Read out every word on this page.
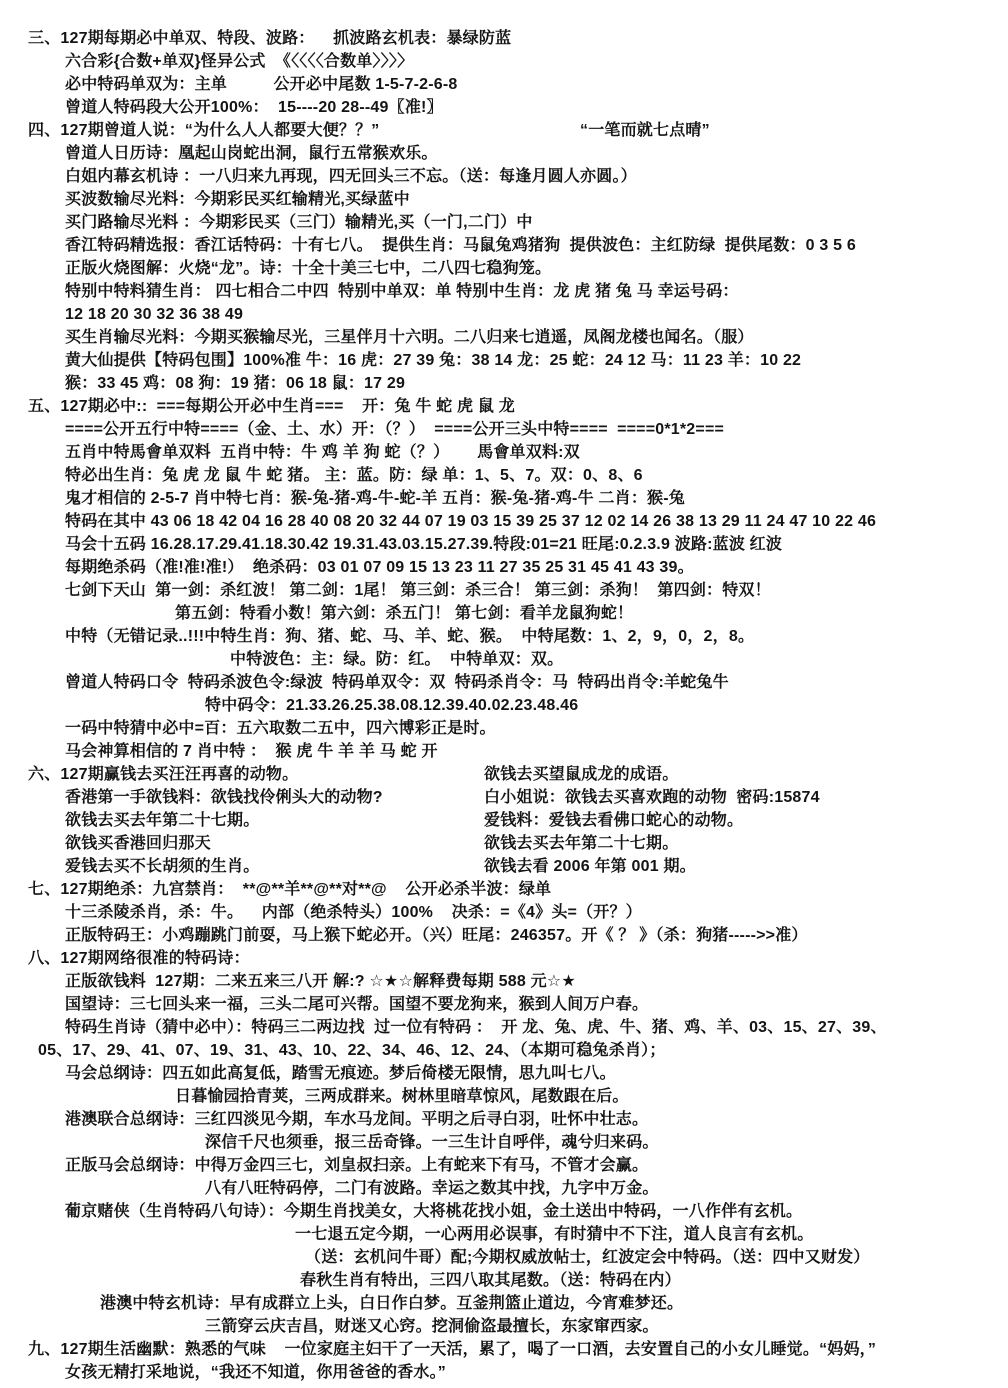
三、127期每期必中单双、特段、波路：    抓波路玄机表：暴绿防蓝
六合彩{合数+单双}怪异公式  《〈〈〈〈合数单〉〉〉〉
必中特码单双为：主单          公开必中尾数 1-5-7-2-6-8
曾道人特码段大公开100%：  15----20 28--49〖准!〗
四、127期曾道人说：“为什么人人都要大便？？”	“一笔而就七点晴”
曾道人日历诗：凰起山岗蛇出洞，鼠行五常猴欢乐。
白姐内幕玄机诗 ：一八归来九再现，四无回头三不忘。（送：每逢月圆人亦圆。）
买波数输尽光料：今期彩民买红输精光,买绿蓝中
买门路输尽光料 ：今期彩民买（三门）输精光,买（一门,二门）中
香江特码精选报：香江话特码：十有七八。  提供生肖：马鼠兔鸡猪狗  提供波色：主红防绿  提供尾数：0 3 5 6
正版火烧图解：火烧“龙”。诗：十全十美三七中，二八四七稳狗笼。
特别中特料猜生肖： 四七相合二中四  特别中单双：单 特别中生肖：龙 虎 猪 兔 马 幸运号码：
12 18 20 30 32 36 38 49
买生肖输尽光料：今期买猴输尽光，三星伴月十六明。二八归来七逍遥，凤阁龙楼也闻名。（服）
黄大仙提供【特码包围】100%准 牛：16 虎：27 39 兔：38 14 龙：25 蛇：24 12 马：11 23 羊：10 22
猴：33 45 鸡：08 狗：19 猪：06 18 鼠：17 29
五、127期必中::  ===每期公开必中生肖===    开：兔 牛 蛇 虎 鼠 龙
====公开五行中特====（金、土、水）开：（？）  ====公开三头中特====  ====0*1*2===
五肖中特馬會单双料  五肖中特：牛 鸡 羊 狗 蛇（？）      馬會单双料:双
特必出生肖：兔 虎 龙 鼠 牛 蛇 猪。 主：蓝。防：绿 单：1、5、7。双：0、8、6
鬼才相信的 2-5-7 肖中特七肖：猴-兔-猪-鸡-牛-蛇-羊 五肖：猴-兔-猪-鸡-牛 二肖：猴-兔
特码在其中 43 06 18 42 04 16 28 40 08 20 32 44 07 19 03 15 39 25 37 12 02 14 26 38 13 29 11 24 47 10 22 46
马会十五码 16.28.17.29.41.18.30.42 19.31.43.03.15.27.39.特段:01=21 旺尾:0.2.3.9 波路:蓝波 红波
每期绝杀码（准!准!准!）  绝杀码：03 01 07 09 15 13 23 11 27 35 25 31 45 41 43 39。
七剑下天山  第一剑：杀红波！ 第二剑：1尾！ 第三剑：杀三合！ 第三剑：杀狗！  第四剑：特双！
第五剑：特看小数！第六剑：杀五门！ 第七剑：看羊龙鼠狗蛇！
中特（无错记录..!!!中特生肖：狗、猪、蛇、马、羊、蛇、猴。  中特尾数：1、2，9，0，2，8。
中特波色：主：绿。防：红。  中特单双：双。
曾道人特码口令  特码杀波色令:绿波  特码单双令：双  特码杀肖令：马  特码出肖令:羊蛇兔牛
特中码令：21.33.26.25.38.08.12.39.40.02.23.48.46
一码中特猜中必中=百：五六取数二五中，四六博彩正是时。
马会神算相信的 7 肖中特 ：  猴 虎 牛 羊 羊 马 蛇 开
六、127期赢钱去买汪汪再喜的动物。	欲钱去买望鼠成龙的成语。
香港第一手欲钱料：欲钱找伶俐头大的动物?	白小姐说：欲钱去买喜欢跑的动物  密码:15874
欲钱去买去年第二十七期。	爱钱料：爱钱去看佛口蛇心的动物。
欲钱买香港回归那天	欲钱去买去年第二十七期。
爱钱去买不长胡须的生肖。	欲钱去看 2006 年第 001 期。
七、127期绝杀：九宫禁肖：  **@**羊**@**对**@    公开必杀半波：绿单
十三杀陵杀肖，杀：牛。    内部（绝杀特头）100%    决杀：=《4》头=（开？）
正版特码王：小鸡蹦跳门前耍，马上猴下蛇必开。（兴）旺尾：246357。开《 ？ 》（杀：狗猪----->>准）
八、127期网络很准的特码诗：
正版欲钱料  127期：二来五来三八开 解:? ☆★☆解释费每期 588 元☆★
国望诗：三七回头来一福，三头二尾可兴帮。国望不要龙狗来，猴到人间万户春。
特码生肖诗（猜中必中）：特码三二两边找  过一位有特码 ：  开 龙、兔、虎、牛、猪、鸡、羊、03、15、27、39、
05、17、29、41、07、19、31、43、10、22、34、46、12、24、（本期可稳兔杀肖）；
马会总纲诗：四五如此高复低，踏雪无痕迹。梦后倚楼无限情，思九叫七八。
日暮愉园拾青荚，三两成群来。树林里暗草惊风，尾数跟在后。
港澳联合总纲诗：三红四淡见今期，车水马龙间。平明之后寻白羽，吐怀中壮志。
深信千尺也须垂，报三岳奇锋。一三生计自呼伴，魂兮归来码。
正版马会总纲诗：中得万金四三七，刘皇叔扫亲。上有蛇来下有马，不管才会赢。
八有八旺特码停，二门有波路。幸运之数其中找，九字中万金。
葡京赌侠（生肖特码八句诗）：今期生肖找美女，大将桃花找小姐，金土送出中特码，一八作伴有玄机。
一七退五定今期，一心两用必误事，有时猜中不下注，道人良言有玄机。
（送：玄机问牛哥）配;今期权威放帖士，红波定会中特码。（送：四中又财发）
春秋生肖有特出，三四八取其尾数。（送：特码在内）
港澳中特玄机诗：早有成群立上头，白日作白梦。互釜荆篮止道边，今宵难梦还。
三箭穿云庆吉昌，财迷又心窍。挖洞偷盗最擅长，东家窜西家。
九、127期生活幽默：熟悉的气味    一位家庭主妇干了一天活，累了，喝了一口酒，去安置自己的小女儿睡觉。“妈妈，”
女孩无精打采地说，“我还不知道，你用爸爸的香水。”
